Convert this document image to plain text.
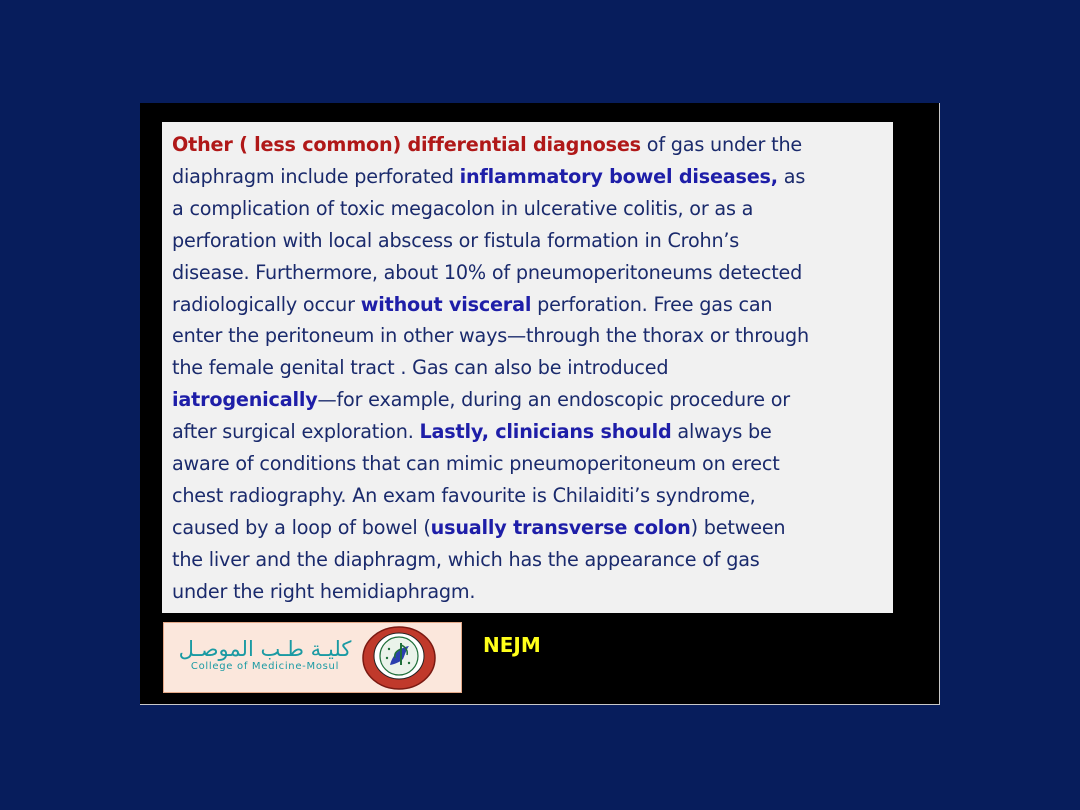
Other ( less common) differential diagnoses of gas under the
diaphragm include perforated inflammatory bowel diseases, as
a complication of toxic megacolon in ulcerative colitis, or as a
perforation with local abscess or fistula formation in Crohn’s
disease. Furthermore, about 10% of pneumoperitoneums detected
radiologically occur without visceral perforation. Free gas can
enter the peritoneum in other ways—through the thorax or through
the female genital tract . Gas can also be introduced
iatrogenically—for example, during an endoscopic procedure or
after surgical exploration. Lastly, clinicians should always be
aware of conditions that can mimic pneumoperitoneum on erect
chest radiography. An exam favourite is Chilaiditi’s syndrome,
caused by a loop of bowel (usually transverse colon) between
the liver and the diaphragm, which has the appearance of gas
under the right hemidiaphragm.

كليـة طـب الموصـل
College of Medicine-Mosul
NEJM
